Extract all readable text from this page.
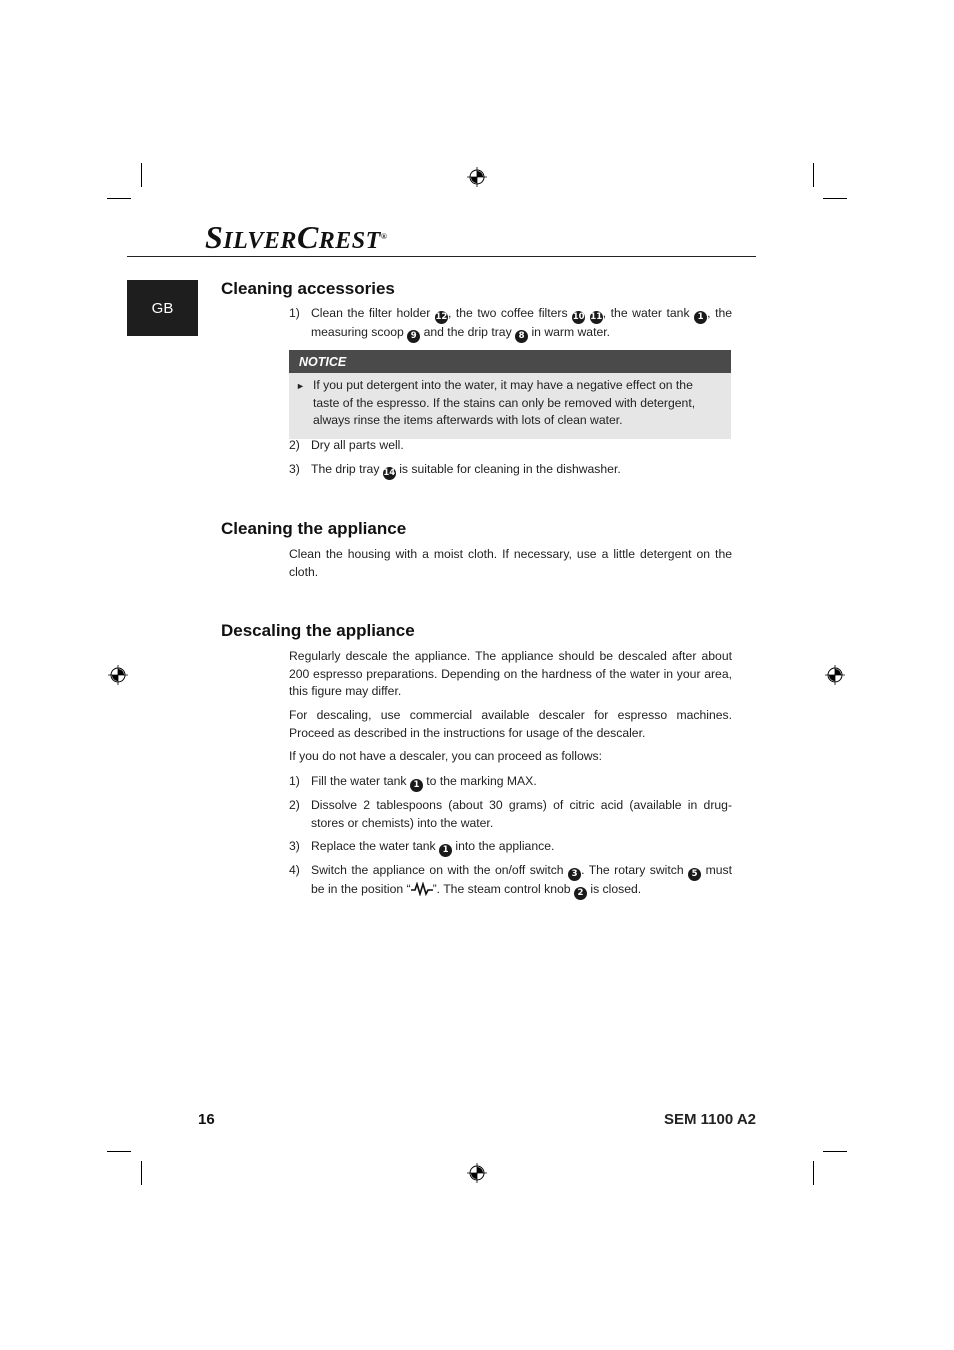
SILVERCREST®
GB
Cleaning accessories
1) Clean the filter holder 12, the two coffee filters 10 11, the water tank 1 , the measuring scoop 9 and the drip tray 8 in warm water.
NOTICE
► If you put detergent into the water, it may have a negative effect on the taste of the espresso. If the stains can only be removed with detergent, always rinse the items afterwards with lots of clean water.
2) Dry all parts well.
3) The drip tray 14 is suitable for cleaning in the dishwasher.
Cleaning the appliance
Clean the housing with a moist cloth. If necessary, use a little detergent on the cloth.
Descaling the appliance
Regularly descale the appliance. The appliance should be descaled after about 200 espresso preparations. Depending on the hardness of the water in your area, this figure may differ.
For descaling, use commercial available descaler for espresso machines. Proceed as described in the instructions for usage of the descaler.
If you do not have a descaler, you can proceed as follows:
1) Fill the water tank 1 to the marking MAX.
2) Dissolve 2 tablespoons (about 30 grams) of citric acid (available in drug-stores or chemists) into the water.
3) Replace the water tank 1 into the appliance.
4) Switch the appliance on with the on/off switch 3 . The rotary switch 5 must be in the position “ ”. The steam control knob 2 is closed.
16	SEM 1100 A2
